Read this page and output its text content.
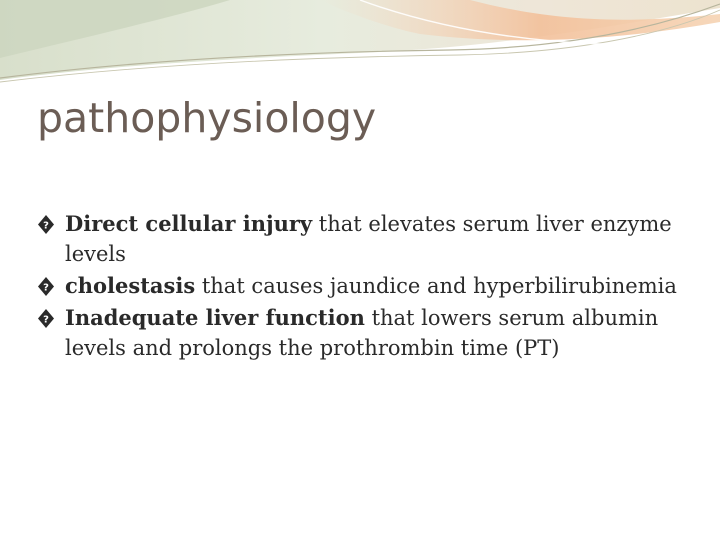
pathophysiology
? Direct cellular injury that elevates serum liver enzyme levels
? cholestasis that causes jaundice and hyperbilirubinemia
? Inadequate liver function that lowers serum albumin levels and prolongs the prothrombin time (PT)
